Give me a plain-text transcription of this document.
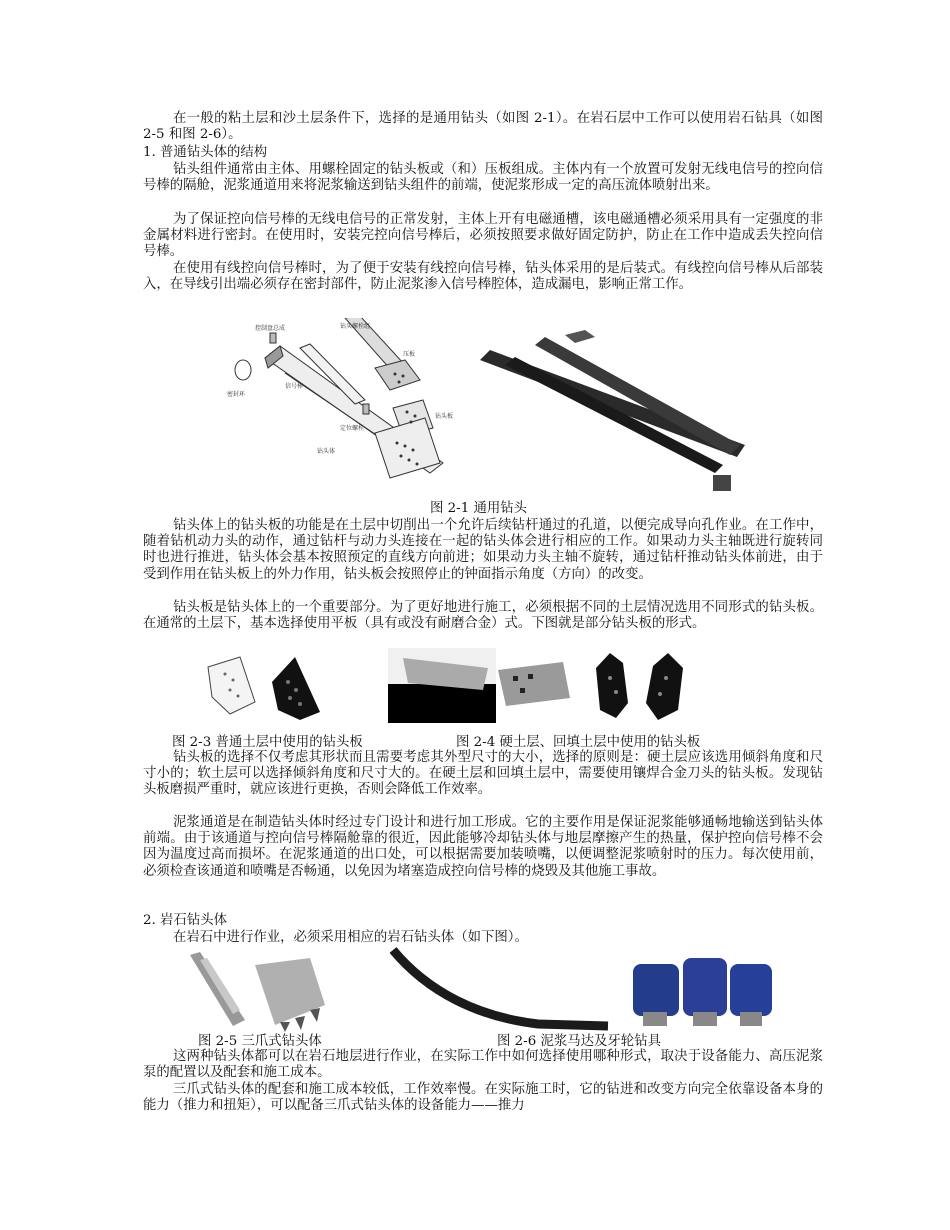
在一般的粘土层和沙土层条件下，选择的是通用钻头（如图 2-1）。在岩石层中工作可以使用岩石钻具（如图 2-5 和图 2-6）。

1. 普通钻头体的结构

钻头组件通常由主体、用螺栓固定的钻头板或（和）压板组成。主体内有一个放置可发射无线电信号的控向信号棒的隔舱，泥浆通道用来将泥浆输送到钻头组件的前端，使泥浆形成一定的高压流体喷射出来。

为了保证控向信号棒的无线电信号的正常发射，主体上开有电磁通槽，该电磁通槽必须采用具有一定强度的非金属材料进行密封。在使用时，安装完控向信号棒后，必须按照要求做好固定防护，防止在工作中造成丢失控向信号棒。

在使用有线控向信号棒时，为了便于安装有线控向信号棒，钻头体采用的是后装式。有线控向信号棒从后部装入，在导线引出端必须存在密封部件，防止泥浆渗入信号棒腔体，造成漏电，影响正常工作。

控制盘总成	钻头螺栓组
压板
密封环
信号棒
钻头板
定位螺栓
钻头体

图 2-1 通用钻头

钻头体上的钻头板的功能是在土层中切削出一个允许后续钻杆通过的孔道，以便完成导向孔作业。在工作中，随着钻机动力头的动作，通过钻杆与动力头连接在一起的钻头体会进行相应的工作。如果动力头主轴既进行旋转同时也进行推进，钻头体会基本按照预定的直线方向前进；如果动力头主轴不旋转，通过钻杆推动钻头体前进，由于受到作用在钻头板上的外力作用，钻头板会按照停止的钟面指示角度（方向）的改变。

钻头板是钻头体上的一个重要部分。为了更好地进行施工，必须根据不同的土层情况选用不同形式的钻头板。在通常的土层下，基本选择使用平板（具有或没有耐磨合金）式。下图就是部分钻头板的形式。

图 2-3 普通土层中使用的钻头板	图 2-4 硬土层、回填土层中使用的钻头板

钻头板的选择不仅考虑其形状而且需要考虑其外型尺寸的大小，选择的原则是：硬土层应该选用倾斜角度和尺寸小的；软土层可以选择倾斜角度和尺寸大的。在硬土层和回填土层中，需要使用镶焊合金刀头的钻头板。发现钻头板磨损严重时，就应该进行更换，否则会降低工作效率。

泥浆通道是在制造钻头体时经过专门设计和进行加工形成。它的主要作用是保证泥浆能够通畅地输送到钻头体前端。由于该通道与控向信号棒隔舱靠的很近，因此能够冷却钻头体与地层摩擦产生的热量，保护控向信号棒不会因为温度过高而损坏。在泥浆通道的出口处，可以根据需要加装喷嘴，以便调整泥浆喷射时的压力。每次使用前，必须检查该通道和喷嘴是否畅通，以免因为堵塞造成控向信号棒的烧毁及其他施工事故。

2. 岩石钻头体

在岩石中进行作业，必须采用相应的岩石钻头体（如下图）。

图 2-5 三爪式钻头体	图 2-6 泥浆马达及牙轮钻具

这两种钻头体都可以在岩石地层进行作业，在实际工作中如何选择使用哪种形式，取决于设备能力、高压泥浆泵的配置以及配套和施工成本。

三爪式钻头体的配套和施工成本较低，工作效率慢。在实际施工时，它的钻进和改变方向完全依靠设备本身的能力（推力和扭矩），可以配备三爪式钻头体的设备能力——推力
